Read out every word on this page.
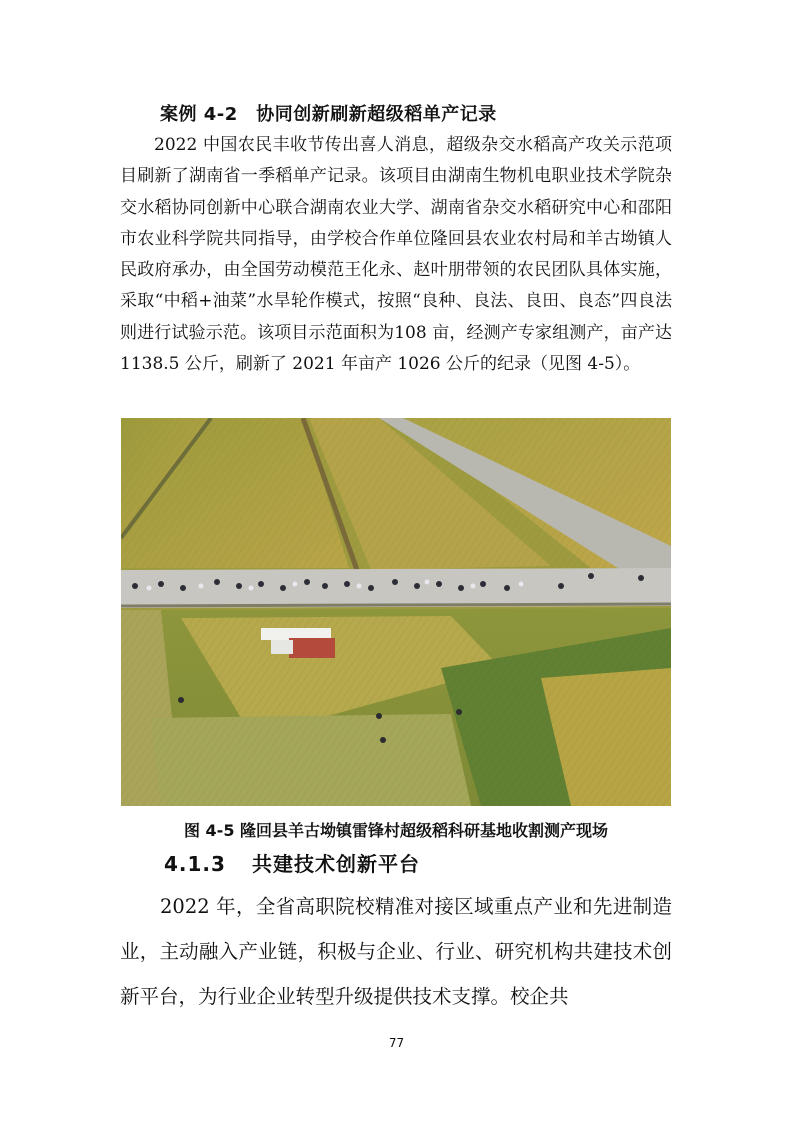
案例 4-2　协同创新刷新超级稻单产记录

2022 中国农民丰收节传出喜人消息，超级杂交水稻高产攻关示范项目刷新了湖南省一季稻单产记录。该项目由湖南生物机电职业技术学院杂交水稻协同创新中心联合湖南农业大学、湖南省杂交水稻研究中心和邵阳市农业科学院共同指导，由学校合作单位隆回县农业农村局和羊古坳镇人民政府承办，由全国劳动模范王化永、赵叶朋带领的农民团队具体实施，采取“中稻+油菜”水旱轮作模式，按照“良种、良法、良田、良态”四良法则进行试验示范。该项目示范面积为108 亩，经测产专家组测产，亩产达 1138.5 公斤，刷新了 2021 年亩产 1026 公斤的纪录（见图 4-5）。

图 4-5 隆回县羊古坳镇雷锋村超级稻科研基地收割测产现场
4.1.3 共建技术创新平台

2022 年，全省高职院校精准对接区域重点产业和先进制造业，主动融入产业链，积极与企业、行业、研究机构共建技术创新平台，为行业企业转型升级提供技术支撑。校企共

77
